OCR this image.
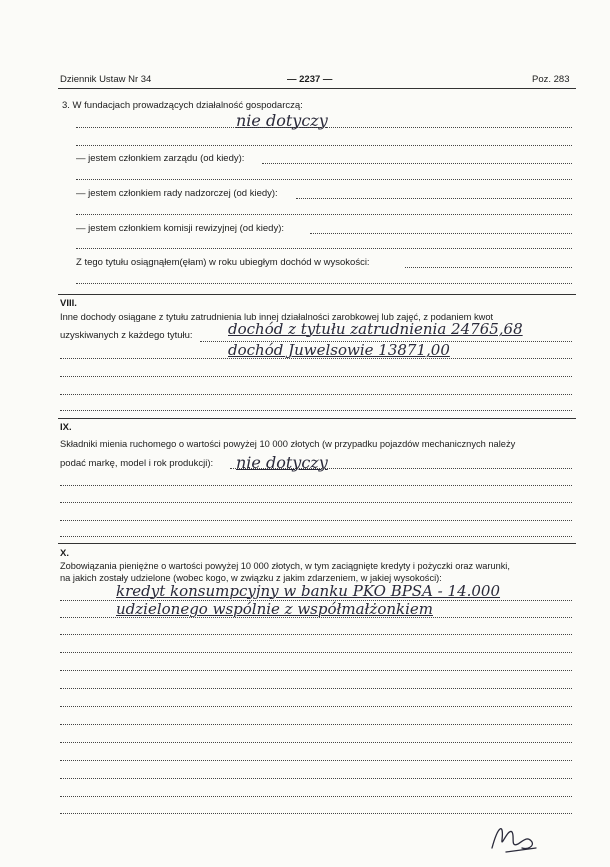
Dziennik Ustaw Nr 34	— 2237 —	Poz. 283
3. W fundacjach prowadzących działalność gospodarczą:
nie dotyczy
— jestem członkiem zarządu (od kiedy):
— jestem członkiem rady nadzorczej (od kiedy):
— jestem członkiem komisji rewizyjnej (od kiedy):
Z tego tytułu osiągnąłem(ęłam) w roku ubiegłym dochód w wysokości:
VIII.
Inne dochody osiągane z tytułu zatrudnienia lub innej działalności zarobkowej lub zajęć, z podaniem kwot
uzyskiwanych z każdego tytułu: dochód z tytułu zatrudnienia 24765,68
dochód Juwelsowie 13871,00
IX.
Składniki mienia ruchomego o wartości powyżej 10 000 złotych (w przypadku pojazdów mechanicznych należy
podać markę, model i rok produkcji): nie dotyczy
X.
Zobowiązania pieniężne o wartości powyżej 10 000 złotych, w tym zaciągnięte kredyty i pożyczki oraz warunki,
na jakich zostały udzielone (wobec kogo, w związku z jakim zdarzeniem, w jakiej wysokości):
kredyt konsumpcyjny w banku PKO BPSA - 14.000
udzielonego wspólnie z współmałżonkiem
